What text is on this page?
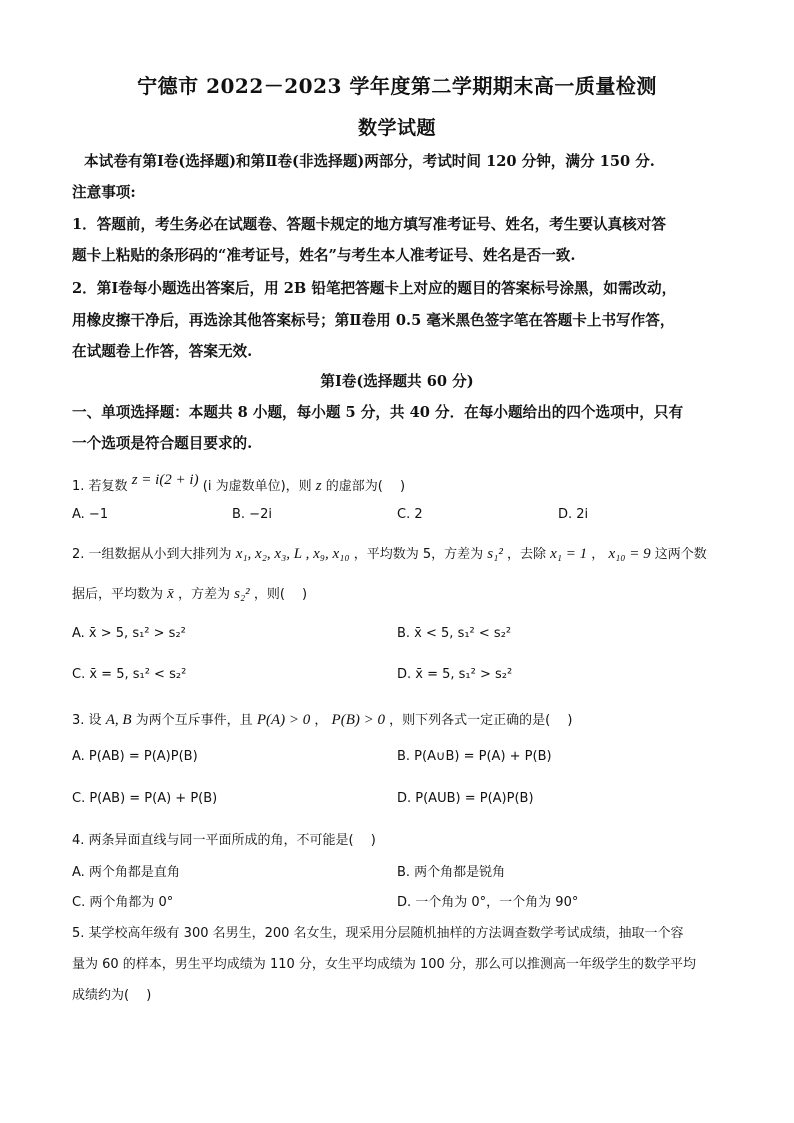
宁德市 2022－2023 学年度第二学期期末高一质量检测
数学试题
本试卷有第Ⅰ卷(选择题)和第Ⅱ卷(非选择题)两部分，考试时间 120 分钟，满分 150 分.
注意事项:
1．答题前，考生务必在试题卷、答题卡规定的地方填写准考证号、姓名，考生要认真核对答
题卡上粘贴的条形码的“准考证号，姓名”与考生本人准考证号、姓名是否一致.
2．第Ⅰ卷每小题选出答案后，用 2B 铅笔把答题卡上对应的题目的答案标号涂黑，如需改动，
用橡皮擦干净后，再选涂其他答案标号；第Ⅱ卷用 0.5 毫米黑色签字笔在答题卡上书写作答，
在试题卷上作答，答案无效.
第Ⅰ卷(选择题共 60 分)
一、单项选择题：本题共 8 小题，每小题 5 分，共 40 分．在每小题给出的四个选项中，只有
一个选项是符合题目要求的.
1. 若复数 z = i(2 + i) (i 为虚数单位)，则 z 的虚部为(　 )
A. −1	B. −2i	C. 2	D. 2i
2. 一组数据从小到大排列为 x₁, x₂, x₃, L , x₉, x₁₀ ，平均数为 5，方差为 s₁² ，去除 x₁ = 1 ， x₁₀ = 9 这两个数
据后，平均数为 x̄ ，方差为 s₂² ，则(　 )
A. x̄ > 5, s₁² > s₂²	B. x̄ < 5, s₁² < s₂²
C. x̄ = 5, s₁² < s₂²	D. x̄ = 5, s₁² > s₂²
3. 设 A, B 为两个互斥事件，且 P(A) > 0 ， P(B) > 0 ，则下列各式一定正确的是(　 )
A. P(AB) = P(A)P(B)	B. P(A∪B) = P(A) + P(B)
C. P(AB) = P(A) + P(B)	D. P(AUB) = P(A)P(B)
4. 两条异面直线与同一平面所成的角，不可能是(　 )
A. 两个角都是直角	B. 两个角都是锐角
C. 两个角都为 0°	D. 一个角为 0°，一个角为 90°
5. 某学校高年级有 300 名男生，200 名女生，现采用分层随机抽样的方法调查数学考试成绩，抽取一个容
量为 60 的样本，男生平均成绩为 110 分，女生平均成绩为 100 分，那么可以推测高一年级学生的数学平均
成绩约为(　 )
